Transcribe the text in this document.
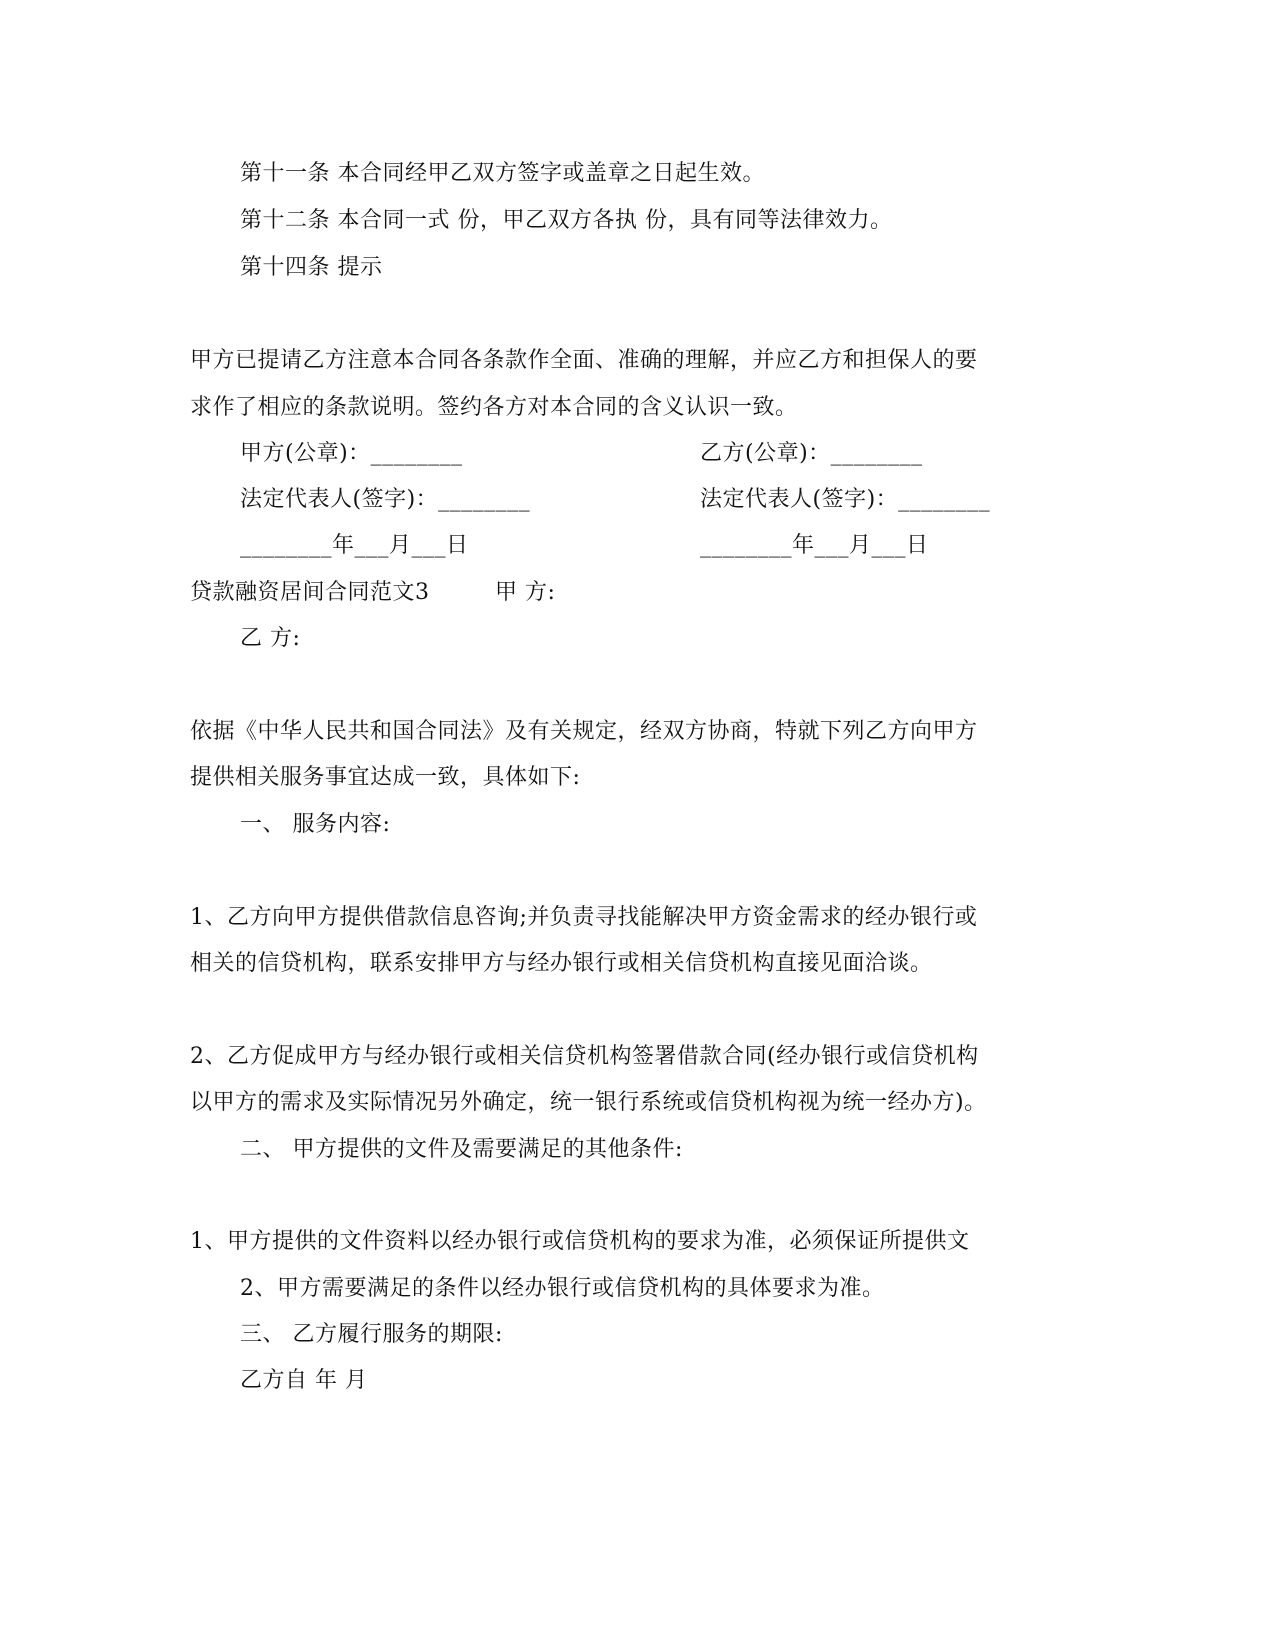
第十一条 本合同经甲乙双方签字或盖章之日起生效。
第十二条 本合同一式 份，甲乙双方各执 份，具有同等法律效力。
第十四条 提示
甲方已提请乙方注意本合同各条款作全面、准确的理解，并应乙方和担保人的要
求作了相应的条款说明。签约各方对本合同的含义认识一致。
甲方(公章)：________	乙方(公章)：________
法定代表人(签字)：________	法定代表人(签字)：________
________年___月___日	________年___月___日
贷款融资居间合同范文3	甲 方:
乙 方:
依据《中华人民共和国合同法》及有关规定，经双方协商，特就下列乙方向甲方
提供相关服务事宜达成一致，具体如下:
一、 服务内容:
1、乙方向甲方提供借款信息咨询;并负责寻找能解决甲方资金需求的经办银行或
相关的信贷机构，联系安排甲方与经办银行或相关信贷机构直接见面洽谈。
2、乙方促成甲方与经办银行或相关信贷机构签署借款合同(经办银行或信贷机构
以甲方的需求及实际情况另外确定，统一银行系统或信贷机构视为统一经办方)。
二、 甲方提供的文件及需要满足的其他条件:
1、甲方提供的文件资料以经办银行或信贷机构的要求为准，必须保证所提供文
2、甲方需要满足的条件以经办银行或信贷机构的具体要求为准。
三、 乙方履行服务的期限:
乙方自 年 月
